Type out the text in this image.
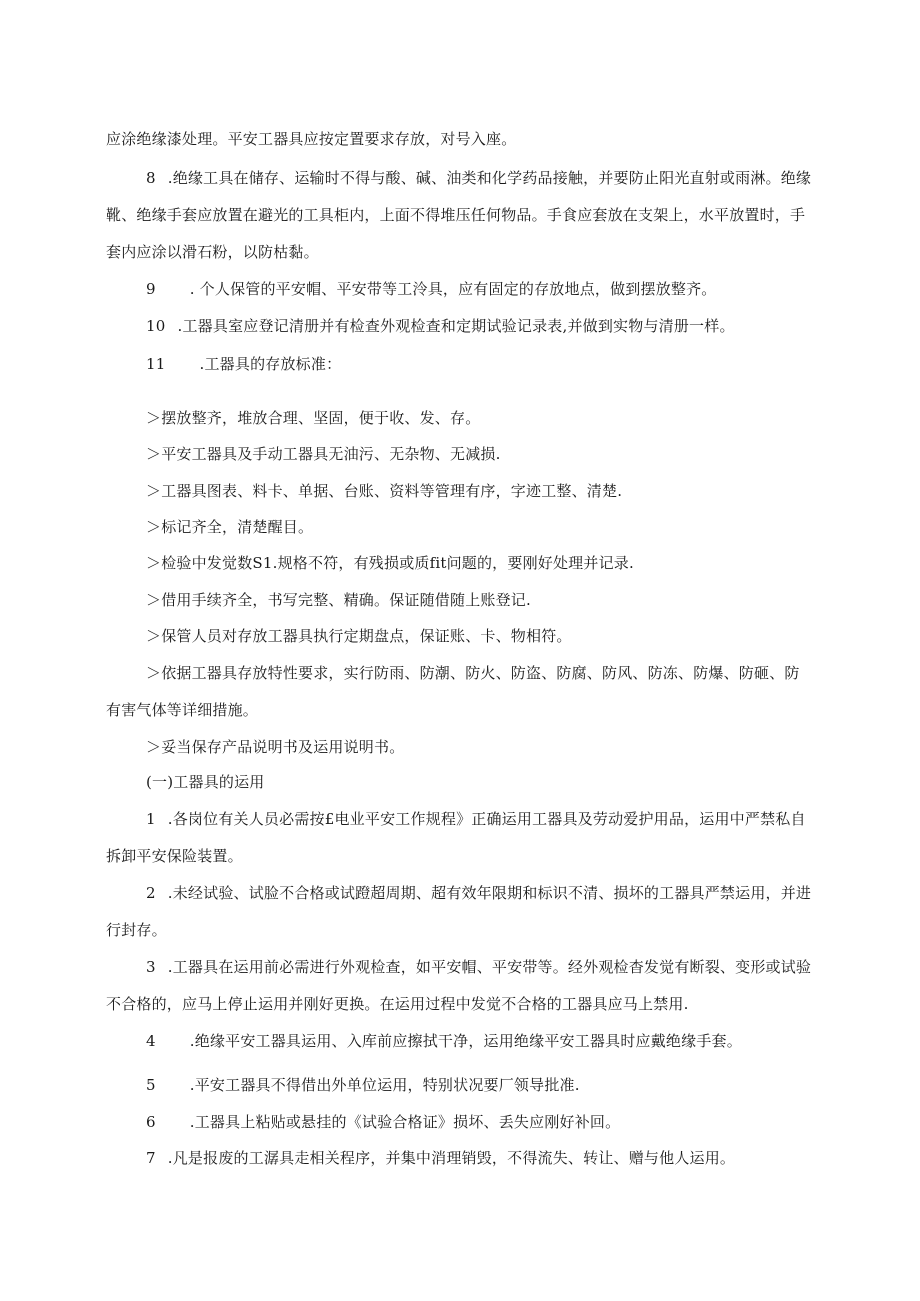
应涂绝缘漆处理。平安工器具应按定置要求存放，对号入座。
8 .绝缘工具在储存、运输时不得与酸、碱、油类和化学药品接触，并要防止阳光直射或雨淋。绝缘
靴、绝缘手套应放置在避光的工具柜内，上面不得堆压任何物品。手食应套放在支架上，水平放置时，手
套内应涂以滑石粉，以防枯黏。
9 . 个人保管的平安帽、平安带等工泠具，应有固定的存放地点，做到摆放整齐。
10 .工器具室应登记清册并有检查外观检查和定期试验记录表,并做到实物与清册一样。
11 .工器具的存放标准：
＞摆放整齐，堆放合理、坚固，便于收、发、存。
＞平安工器具及手动工器具无油污、无杂物、无减损.
＞工器具图表、料卡、单据、台账、资料等管理有序，字迹工整、清楚.
＞标记齐全，清楚醒目。
＞检验中发觉数S1.规格不符，有残损或质fit问题的，要刚好处理并记录.
＞借用手续齐全，书写完整、精确。保证随借随上账登记.
＞保管人员对存放工器具执行定期盘点，保证账、卡、物相符。
＞依据工器具存放特性要求，实行防雨、防潮、防火、防盗、防腐、防风、防冻、防爆、防砸、防
有害气体等详细措施。
＞妥当保存产品说明书及运用说明书。
(一)工器具的运用
1 .各岗位有关人员必需按£电业平安工作规程》正确运用工器具及劳动爱护用品，运用中严禁私自
拆卸平安保险装置。
2 .未经试验、试脸不合格或试蹬超周期、超有效年限期和标识不清、损坏的工器具严禁运用，并进
行封存。
3 .工器具在运用前必需进行外观检查，如平安帽、平安带等。经外观检杳发觉有断裂、变形或试验
不合格的，应马上停止运用并刚好更换。在运用过程中发觉不合格的工器具应马上禁用.
4 .绝缘平安工器具运用、入库前应擦拭干净，运用绝缘平安工器具时应戴绝缘手套。
5 .平安工器具不得借出外单位运用，特别状况要厂领导批准.
6 .工器具上粘贴或悬挂的《试验合格证》损坏、丢失应刚好补回。
7 .凡是报废的工潺具走相关程序，并集中消理销毁，不得流失、转让、赠与他人运用。
